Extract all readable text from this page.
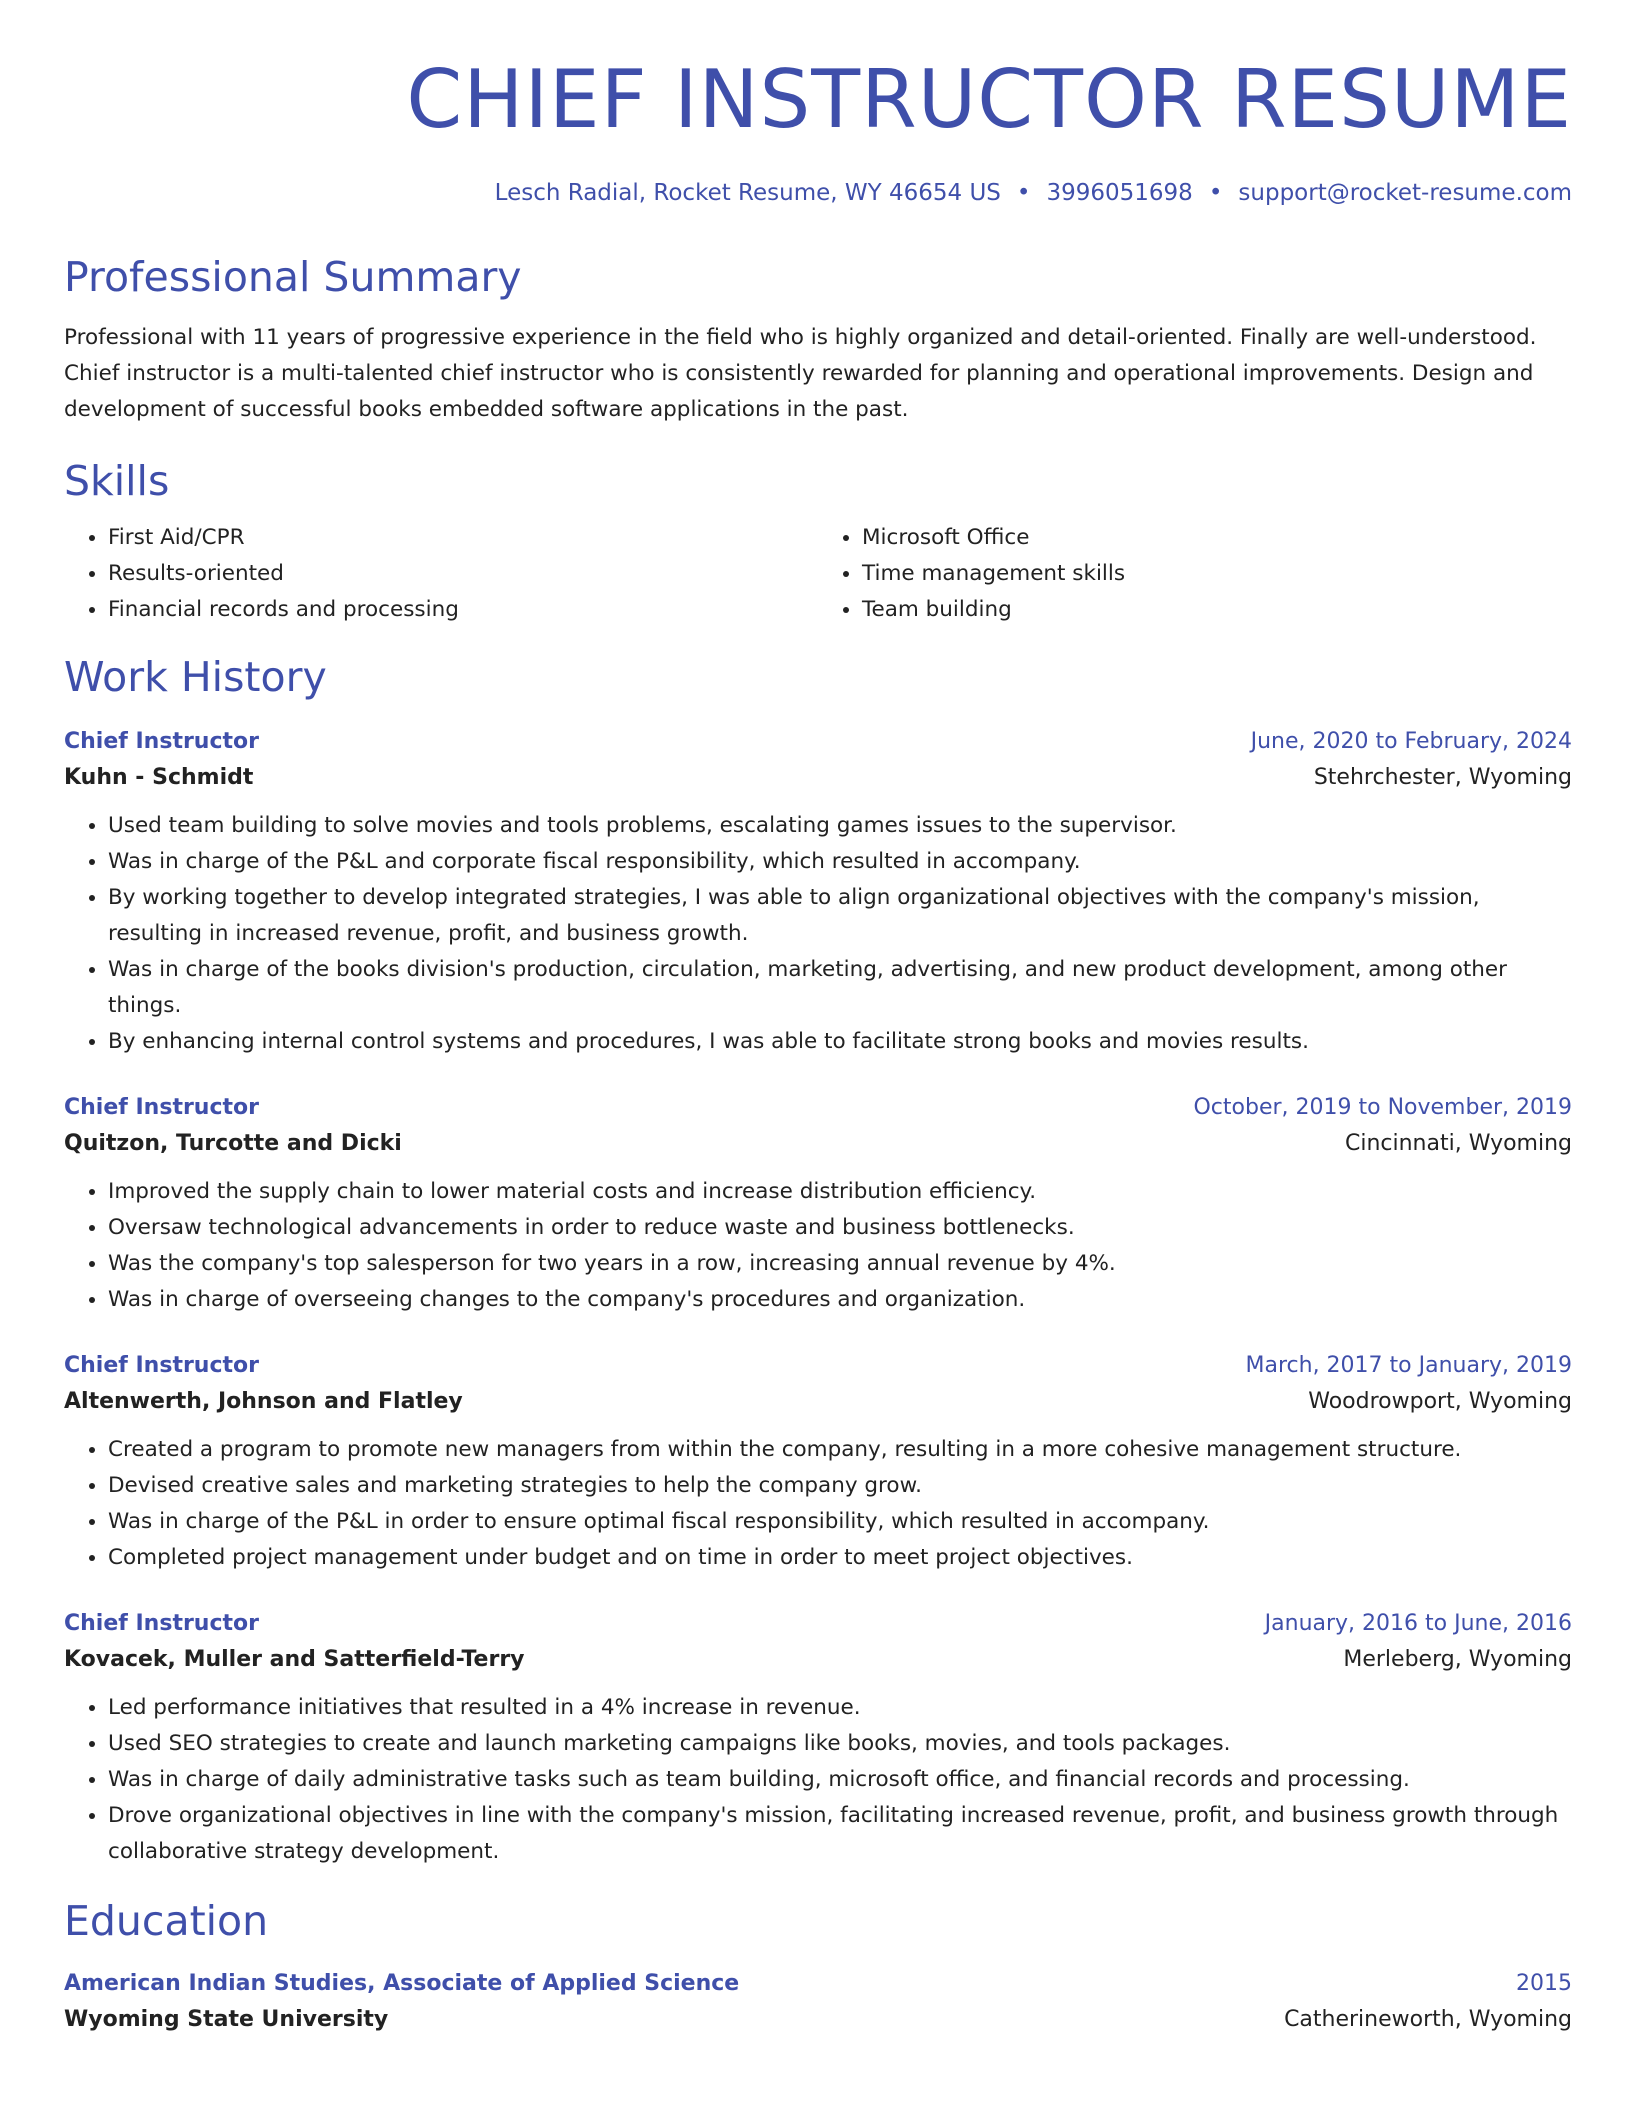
CHIEF INSTRUCTOR RESUME
Lesch Radial, Rocket Resume, WY 46654 US • 3996051698 • support@rocket-resume.com
Professional Summary
Professional with 11 years of progressive experience in the field who is highly organized and detail-oriented. Finally are well-understood. Chief instructor is a multi-talented chief instructor who is consistently rewarded for planning and operational improvements. Design and development of successful books embedded software applications in the past.
Skills
• First Aid/CPR
• Results-oriented
• Financial records and processing
• Microsoft Office
• Time management skills
• Team building
Work History
Chief Instructor	June, 2020 to February, 2024
Kuhn - Schmidt	Stehrchester, Wyoming
• Used team building to solve movies and tools problems, escalating games issues to the supervisor.
• Was in charge of the P&L and corporate fiscal responsibility, which resulted in accompany.
• By working together to develop integrated strategies, I was able to align organizational objectives with the company's mission, resulting in increased revenue, profit, and business growth.
• Was in charge of the books division's production, circulation, marketing, advertising, and new product development, among other things.
• By enhancing internal control systems and procedures, I was able to facilitate strong books and movies results.
Chief Instructor	October, 2019 to November, 2019
Quitzon, Turcotte and Dicki	Cincinnati, Wyoming
• Improved the supply chain to lower material costs and increase distribution efficiency.
• Oversaw technological advancements in order to reduce waste and business bottlenecks.
• Was the company's top salesperson for two years in a row, increasing annual revenue by 4%.
• Was in charge of overseeing changes to the company's procedures and organization.
Chief Instructor	March, 2017 to January, 2019
Altenwerth, Johnson and Flatley	Woodrowport, Wyoming
• Created a program to promote new managers from within the company, resulting in a more cohesive management structure.
• Devised creative sales and marketing strategies to help the company grow.
• Was in charge of the P&L in order to ensure optimal fiscal responsibility, which resulted in accompany.
• Completed project management under budget and on time in order to meet project objectives.
Chief Instructor	January, 2016 to June, 2016
Kovacek, Muller and Satterfield-Terry	Merleberg, Wyoming
• Led performance initiatives that resulted in a 4% increase in revenue.
• Used SEO strategies to create and launch marketing campaigns like books, movies, and tools packages.
• Was in charge of daily administrative tasks such as team building, microsoft office, and financial records and processing.
• Drove organizational objectives in line with the company's mission, facilitating increased revenue, profit, and business growth through collaborative strategy development.
Education
American Indian Studies, Associate of Applied Science	2015
Wyoming State University	Catherineworth, Wyoming
